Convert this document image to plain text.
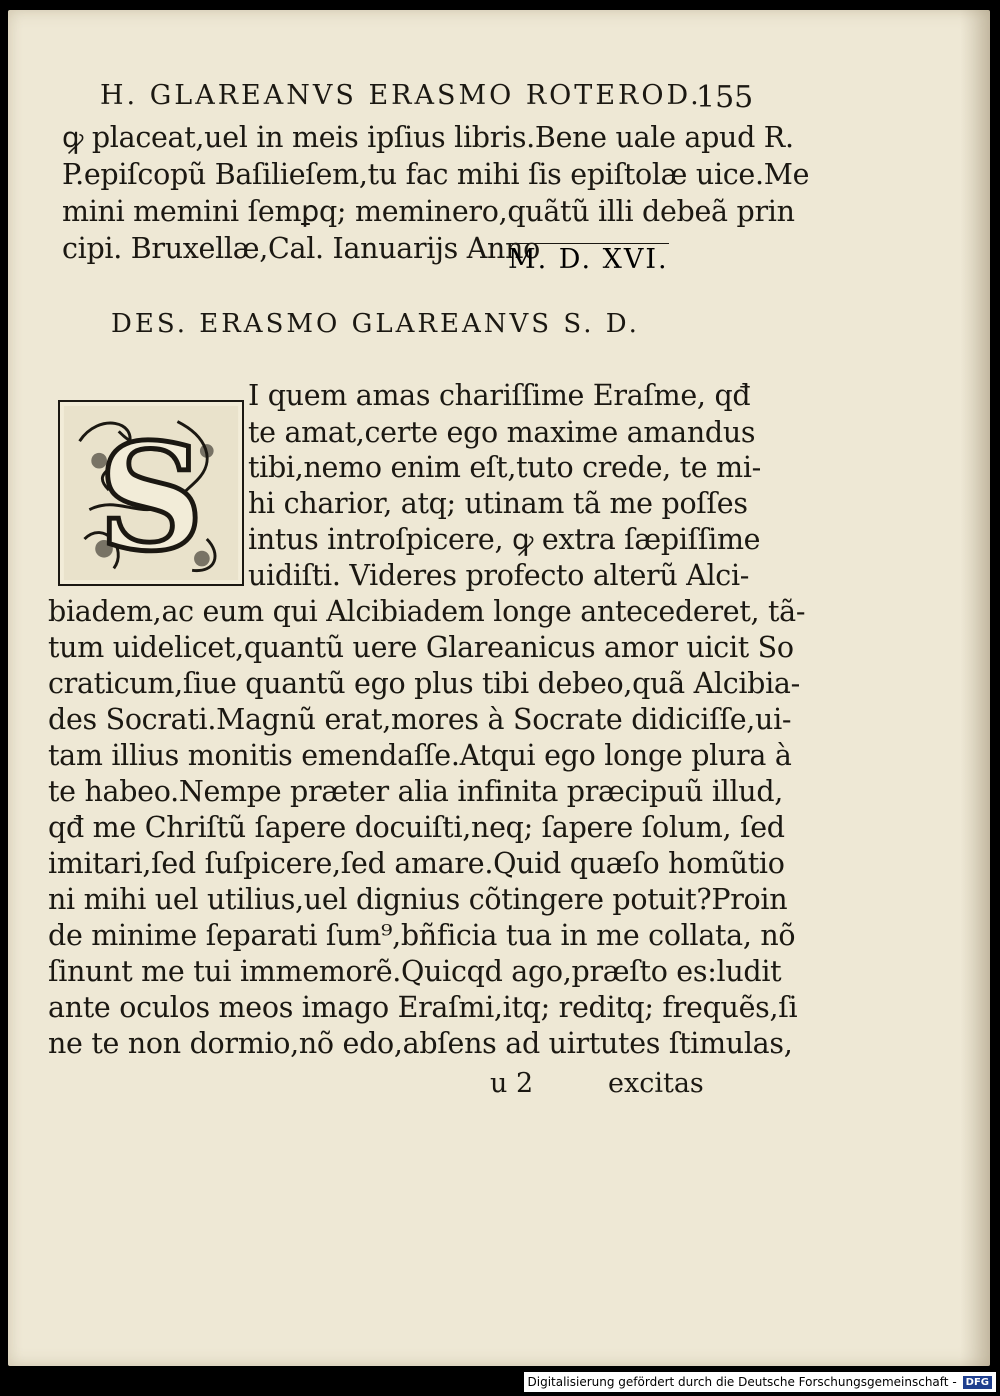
H. GLAREANVS ERASMO ROTEROD.
155
ꝙ placeat,uel in meis ipſius libris.Bene uale apud R.
P.epiſcopũ Baſilieſem,tu fac mihi ſis epiſtolæ uice.Me
mini memini ſemꝑq; meminero,quãtũ illi debeã prin
cipi. Bruxellæ,Cal. Ianuarijs Anno
M. D. XVI.
DES. ERASMO GLAREANVS S. D.
S
I quem amas chariſſime Eraſme, qđ
te amat,certe ego maxime amandus
tibi,nemo enim eſt,tuto crede, te mi-
hi charior, atq; utinam tã me poſſes
intus introſpicere, ꝙ extra ſæpiſſime
uidiſti. Videres profecto alterũ Alci-
biadem,ac eum qui Alcibiadem longe antecederet, tã-
tum uidelicet,quantũ uere Glareanicus amor uicit So
craticum,ſiue quantũ ego plus tibi debeo,quã Alcibia-
des Socrati.Magnũ erat,mores à Socrate didiciſſe,ui-
tam illius monitis emendaſſe.Atqui ego longe plura à
te habeo.Nempe præter alia infinita præcipuũ illud,
qđ me Chriſtũ ſapere docuiſti,neq; ſapere ſolum, ſed
imitari,ſed ſuſpicere,ſed amare.Quid quæſo homũtio
ni mihi uel utilius,uel dignius cõtingere potuit?Proin
de minime ſeparati ſum⁹,bñficia tua in me collata, nõ
ſinunt me tui immemorẽ.Quicqd ago,præſto es:ludit
ante oculos meos imago Eraſmi,itq; reditq; frequẽs,ſi
ne te non dormio,nõ edo,abſens ad uirtutes ſtimulas,
u 2	excitas
Digitalisierung gefördert durch die Deutsche Forschungsgemeinschaft - DFG
